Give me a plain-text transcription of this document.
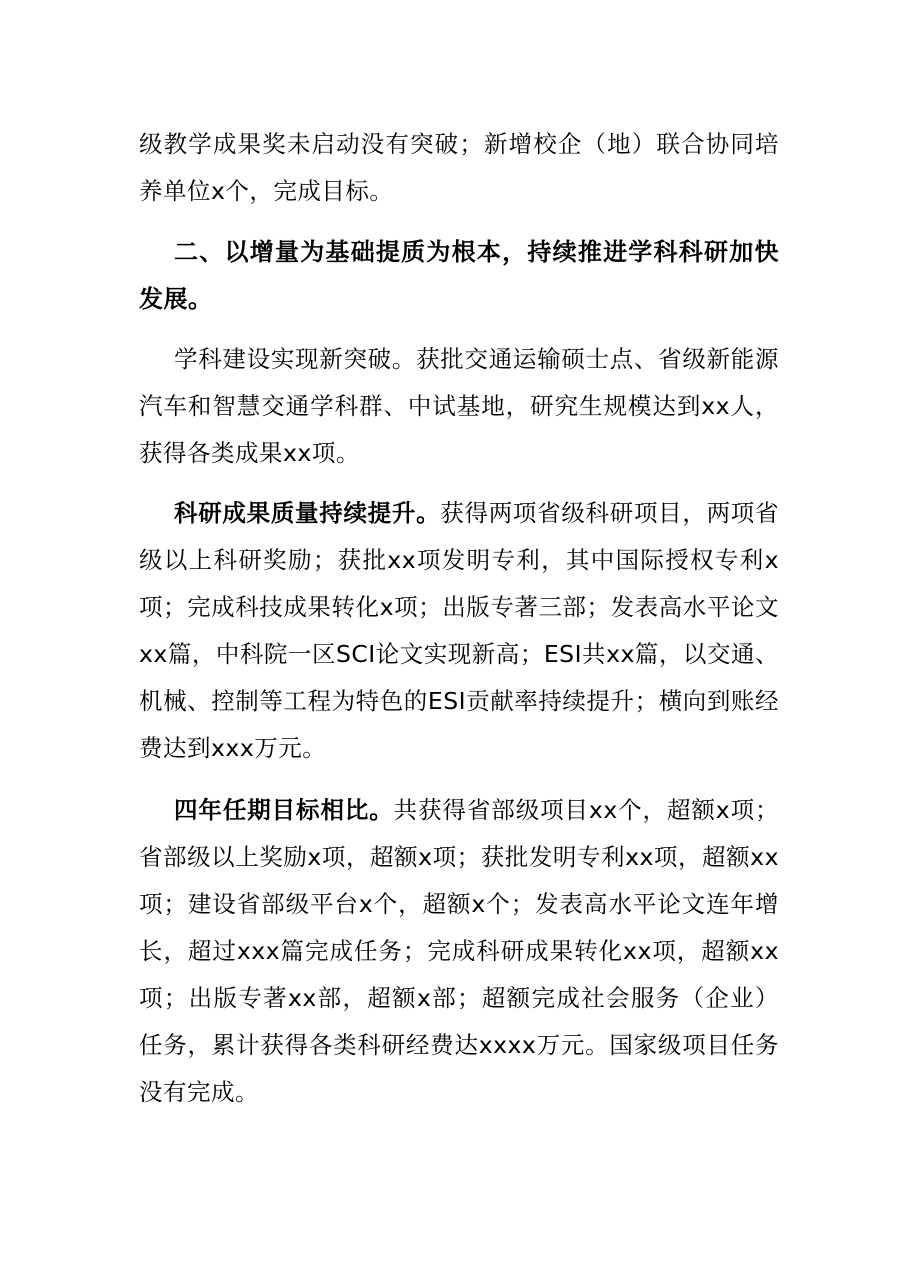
级教学成果奖未启动没有突破；新增校企（地）联合协同培养单位x个，完成目标。

二、以增量为基础提质为根本，持续推进学科科研加快发展。

学科建设实现新突破。获批交通运输硕士点、省级新能源汽车和智慧交通学科群、中试基地，研究生规模达到xx人，获得各类成果xx项。

科研成果质量持续提升。获得两项省级科研项目，两项省级以上科研奖励；获批xx项发明专利，其中国际授权专利x项；完成科技成果转化x项；出版专著三部；发表高水平论文xx篇，中科院一区SCI论文实现新高；ESI共xx篇，以交通、机械、控制等工程为特色的ESI贡献率持续提升；横向到账经费达到xxx万元。

四年任期目标相比。共获得省部级项目xx个，超额x项；省部级以上奖励x项，超额x项；获批发明专利xx项，超额xx项；建设省部级平台x个，超额x个；发表高水平论文连年增长，超过xxx篇完成任务；完成科研成果转化xx项，超额xx项；出版专著xx部，超额x部；超额完成社会服务（企业）任务，累计获得各类科研经费达xxxx万元。国家级项目任务没有完成。
